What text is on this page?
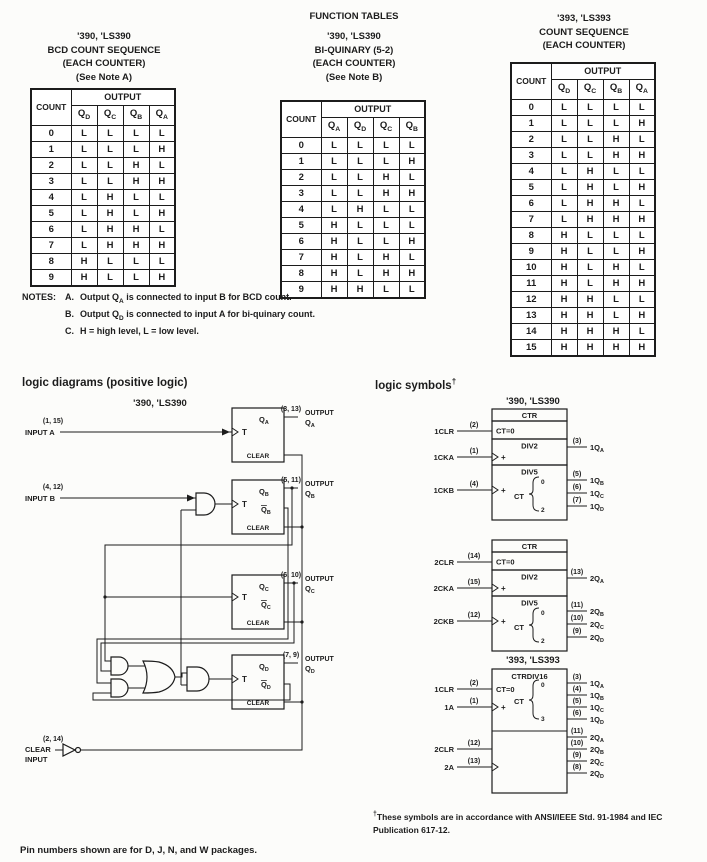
FUNCTION TABLES
'390, 'LS390
BCD COUNT SEQUENCE
(EACH COUNTER)
(See Note A)
COUNT	OUTPUT			
	$Q_D$	$Q_C$	$Q_B$	$Q_A$
0	L	L	L	L
1	L	L	L	H
2	L	L	H	L
3	L	L	H	H
4	L	H	L	L
5	L	H	L	H
6	L	H	H	L
7	L	H	H	H
8	H	L	L	L
9	H	L	L	H
'390, 'LS390
BI-QUINARY (5-2)
(EACH COUNTER)
(See Note B)
COUNT	OUTPUT			
	$Q_A$	$Q_D$	$Q_C$	$Q_B$
0	L	L	L	L
1	L	L	L	H
2	L	L	H	L
3	L	L	H	H
4	L	H	L	L
5	H	L	L	L
6	H	L	L	H
7	H	L	H	L
8	H	L	H	H
9	H	H	L	L
'393, 'LS393
COUNT SEQUENCE
(EACH COUNTER)
COUNT	OUTPUT			
	$Q_D$	$Q_C$	$Q_B$	$Q_A$
0	L	L	L	L
1	L	L	L	H
2	L	L	H	L
3	L	L	H	H
4	L	H	L	L
5	L	H	L	H
6	L	H	H	L
7	L	H	H	H
8	H	L	L	L
9	H	L	L	H
10	H	L	H	L
11	H	L	H	H
12	H	H	L	L
13	H	H	L	H
14	H	H	H	L
15	H	H	H	H
NOTES: A. Output $Q_A$ is connected to input B for BCD count.
B. Output $Q_D$ is connected to input A for bi-quinary count.
C. H = high level, L = low level.
logic diagrams (positive logic)	logic symbols†
'390, 'LS390
(1, 15)
INPUT A
(4, 12)
INPUT B
(2, 14)
CLEAR
INPUT
T
$Q_A$
CLEAR
(3, 13)
OUTPUT
$Q_A$
T
$Q_B$
$Q_B$
CLEAR
(5, 11)
OUTPUT
$Q_B$
T
$Q_C$
$Q_C$
CLEAR
(6, 10)
OUTPUT
$Q_C$
T
$Q_D$
$Q_D$
CLEAR
(7, 9)
OUTPUT
$Q_D$
'390, 'LS390
CTR
CT=0
(2)
1CLR
DIV2
+
(1)
1CKA
(3)
$1Q_A$
DIV5
+
(4)
1CKB
CT
0
2
(5)
$1Q_B$
(6)
$1Q_C$
(7)
$1Q_D$
CTR
CT=0
(14)
2CLR
DIV2
+
(15)
2CKA
(13)
$2Q_A$
DIV5
+
(12)
2CKB
CT
0
2
(11)
$2Q_B$
(10)
$2Q_C$
(9)
$2Q_D$
'393, 'LS393
CTRDIV16
(2)
1CLR	CT=0
(1)
1A	+
CT
0
3
(3)
$1Q_A$
(4)
$1Q_B$
(5)
$1Q_C$
(6)
$1Q_D$
(12)
2CLR
(13)
2A
(11)
$2Q_A$
(10)
$2Q_B$
(9)
$2Q_C$
(8)
$2Q_D$
†These symbols are in accordance with ANSI/IEEE Std. 91-1984 and IEC Publication 617-12.
Pin numbers shown are for D, J, N, and W packages.
